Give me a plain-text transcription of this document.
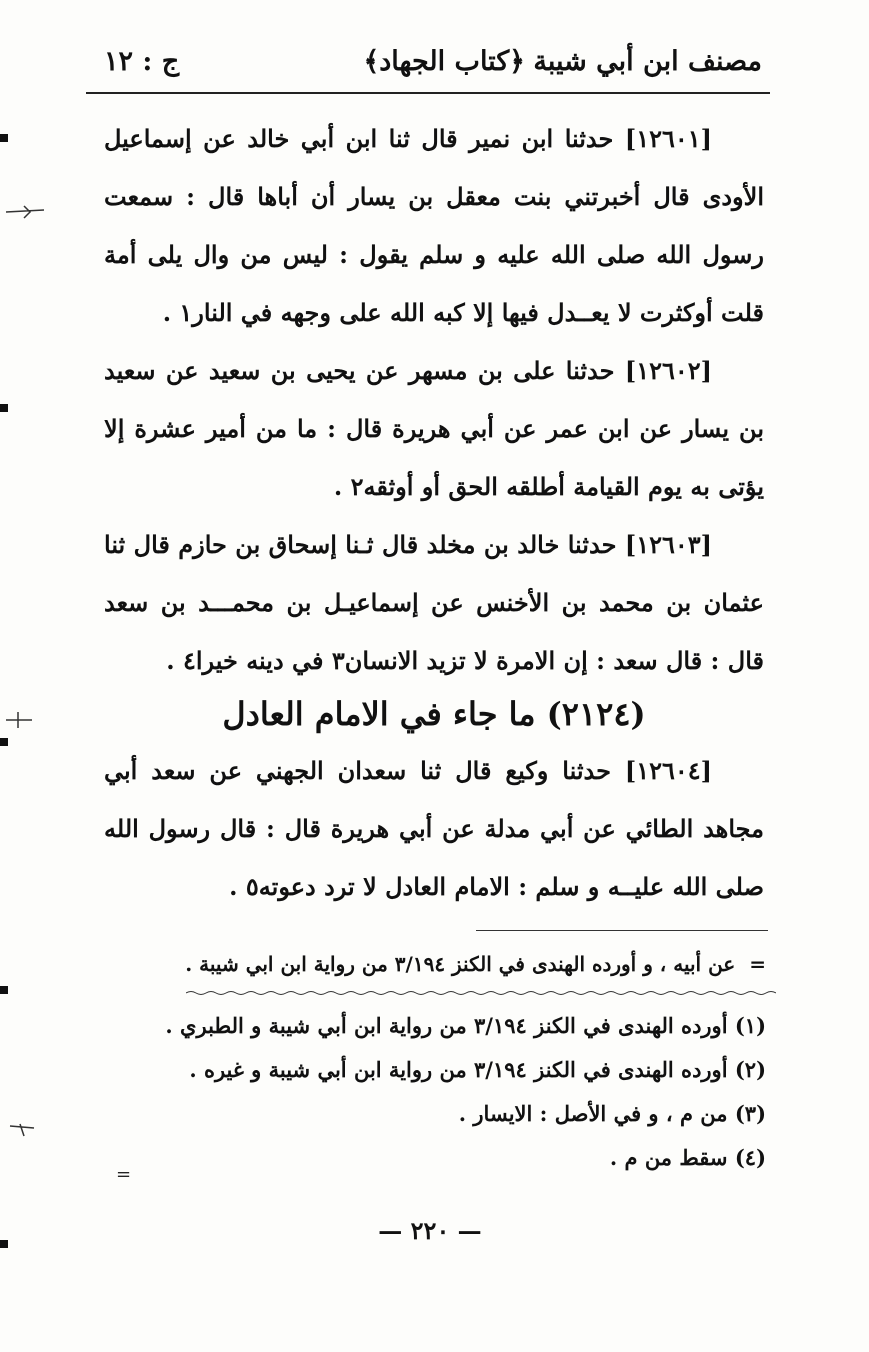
مصنف ابن أبي شيبة
﴿كتاب الجهاد﴾
ج : ١٢

[١٢٦٠١] حدثنا ابن نمير قال ثنا ابن أبي خالد عن إسماعيل الأودى قال أخبرتني بنت معقل بن يسار أن أباها قال : سمعت رسول الله صلى الله عليه و سلم يقول : ليس من وال يلى أمة قلت أوكثرت لا يعــدل فيها إلا كبه الله على وجهه في النار١ .

[١٢٦٠٢] حدثنا على بن مسهر عن يحيى بن سعيد عن سعيد بن يسار عن ابن عمر عن أبي هريرة قال : ما من أمير عشرة إلا يؤتى به يوم القيامة أطلقه الحق أو أوثقه٢ .

[١٢٦٠٣] حدثنا خالد بن مخلد قال ثـنا إسحاق بن حازم قال ثنا عثمان بن محمد بن الأخنس عن إسماعيـل بن محمـــد بن سعد قال : قال سعد : إن الامرة لا تزيد الانسان٣ في دينه خيرا٤ .

(٢١٢٤) ما جاء في الامام العادل

[١٢٦٠٤] حدثنا وكيع قال ثنا سعدان الجهني عن سعد أبي مجاهد الطائي عن أبي مدلة عن أبي هريرة قال : قال رسول الله صلى الله عليــه و سلم : الامام العادل لا ترد دعوته٥ .

=عن أبيه ، و أورده الهندى في الكنز ٣/١٩٤ من رواية ابن ابي شيبة .

(١) أورده الهندى في الكنز ٣/١٩٤ من رواية ابن أبي شيبة و الطبري .

(٢) أورده الهندى في الكنز ٣/١٩٤ من رواية ابن أبي شيبة و غيره .

(٣) من م ، و في الأصل : الايسار .

(٤) سقط من م .

=
— ٢٢٠ —
